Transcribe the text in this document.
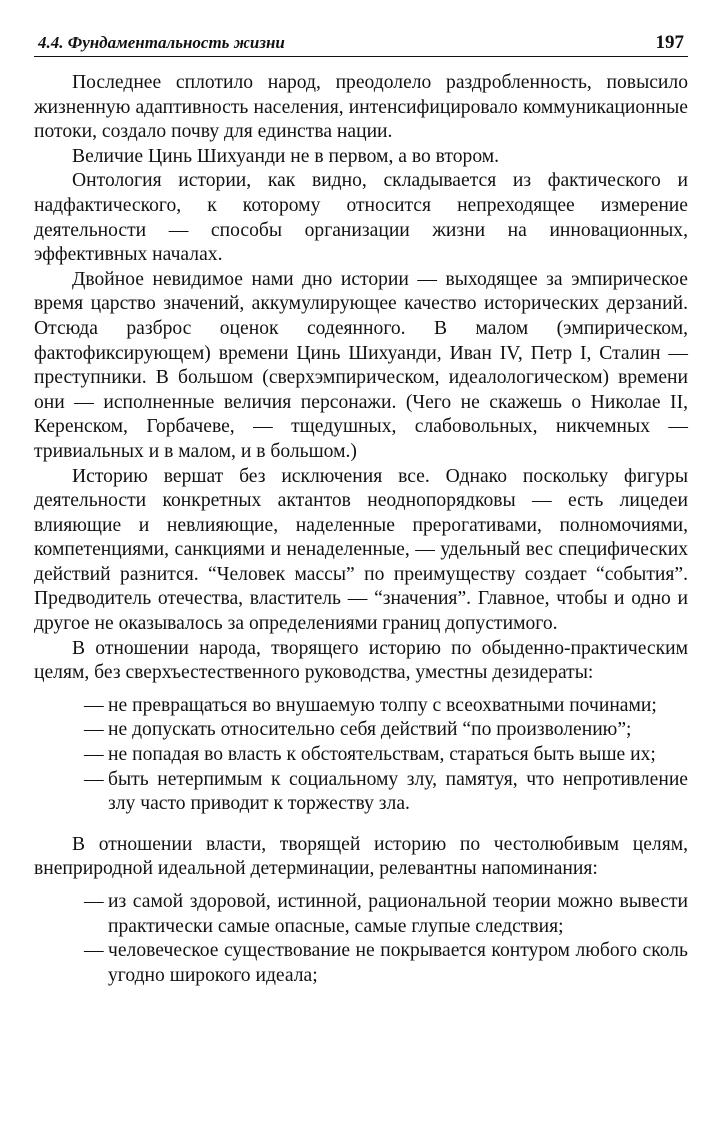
4.4. Фундаментальность жизни	197

Последнее сплотило народ, преодолело раздробленность, повысило жизненную адаптивность населения, интенсифицировало коммуникационные потоки, создало почву для единства нации.

Величие Цинь Шихуанди не в первом, а во втором.

Онтология истории, как видно, складывается из фактического и надфактического, к которому относится непреходящее измерение деятельности — способы организации жизни на инновационных, эффективных началах.

Двойное невидимое нами дно истории — выходящее за эмпирическое время царство значений, аккумулирующее качество исторических дерзаний. Отсюда разброс оценок содеянного. В малом (эмпирическом, фактофиксирующем) времени Цинь Шихуанди, Иван IV, Петр I, Сталин — преступники. В большом (сверхэмпирическом, идеалологическом) времени они — исполненные величия персонажи. (Чего не скажешь о Николае II, Керенском, Горбачеве, — тщедушных, слабовольных, никчемных — тривиальных и в малом, и в большом.)

Историю вершат без исключения все. Однако поскольку фигуры деятельности конкретных актантов неоднопорядковы — есть лицедеи влияющие и невлияющие, наделенные прерогативами, полномочиями, компетенциями, санкциями и ненаделенные, — удельный вес специфических действий разнится. “Человек массы” по преимуществу создает “события”. Предводитель отечества, властитель — “значения”. Главное, чтобы и одно и другое не оказывалось за определениями границ допустимого.

В отношении народа, творящего историю по обыденно-практическим целям, без сверхъестественного руководства, уместны дезидераты:

— не превращаться во внушаемую толпу с всеохватными починами;
— не допускать относительно себя действий “по произволению”;
— не попадая во власть к обстоятельствам, стараться быть выше их;
— быть нетерпимым к социальному злу, памятуя, что непротивление злу часто приводит к торжеству зла.

В отношении власти, творящей историю по честолюбивым целям, внеприродной идеальной детерминации, релевантны напоминания:

— из самой здоровой, истинной, рациональной теории можно вывести практически самые опасные, самые глупые следствия;
— человеческое существование не покрывается контуром любого сколь угодно широкого идеала;
